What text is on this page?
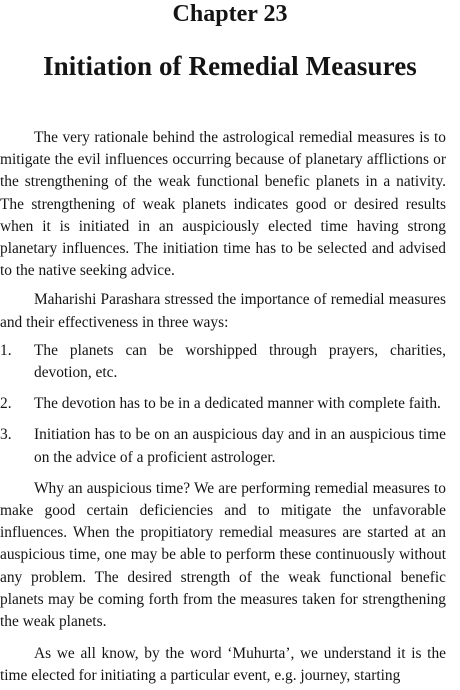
Chapter 23
Initiation of Remedial Measures

The very rationale behind the astrological remedial measures is to mitigate the evil influences occurring because of planetary afflictions or the strengthening of the weak functional benefic planets in a nativity. The strengthening of weak planets indicates good or desired results when it is initiated in an auspiciously elected time having strong planetary influences. The initiation time has to be selected and advised to the native seeking advice.

Maharishi Parashara stressed the importance of remedial measures and their effectiveness in three ways:

1. The planets can be worshipped through prayers, charities, devotion, etc.
2. The devotion has to be in a dedicated manner with complete faith.
3. Initiation has to be on an auspicious day and in an auspicious time on the advice of a proficient astrologer.

Why an auspicious time? We are performing remedial measures to make good certain deficiencies and to mitigate the unfavorable influences. When the propitiatory remedial measures are started at an auspicious time, one may be able to perform these continuously without any problem. The desired strength of the weak functional benefic planets may be coming forth from the measures taken for strengthening the weak planets.

As we all know, by the word ‘Muhurta’, we understand it is the time elected for initiating a particular event, e.g. journey, starting
